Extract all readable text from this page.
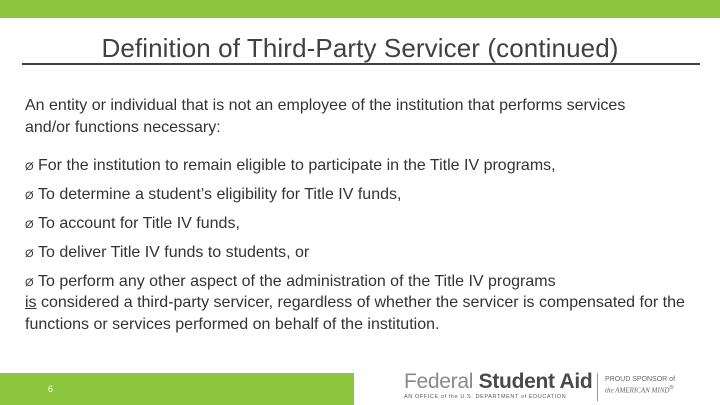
Definition of Third-Party Servicer (continued)
An entity or individual that is not an employee of the institution that performs services and/or functions necessary:
Ø For the institution to remain eligible to participate in the Title IV programs,
Ø To determine a student’s eligibility for Title IV funds,
Ø To account for Title IV funds,
Ø To deliver Title IV funds to students, or
Ø To perform any other aspect of the administration of the Title IV programs
is considered a third-party servicer, regardless of whether the servicer is compensated for the functions or services performed on behalf of the institution.
6	Federal Student Aid
AN OFFICE of the U.S. DEPARTMENT of EDUCATION
PROUD SPONSOR of
the AMERICAN MIND®
